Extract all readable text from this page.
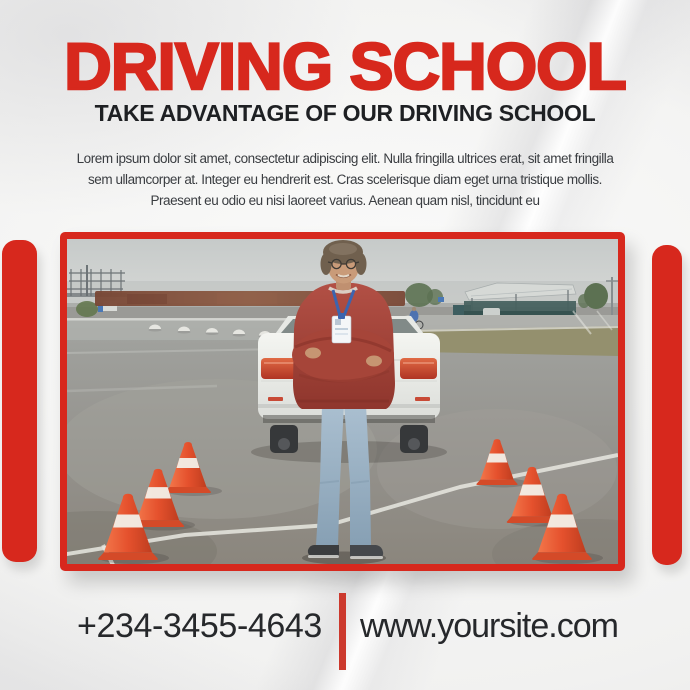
DRIVING SCHOOL
TAKE ADVANTAGE OF OUR DRIVING SCHOOL
Lorem ipsum dolor sit amet, consectetur adipiscing elit. Nulla fringilla ultrices erat, sit amet fringilla
sem ullamcorper at. Integer eu hendrerit est. Cras scelerisque diam eget urna tristique mollis.
Praesent eu odio eu nisi laoreet varius. Aenean quam nisl, tincidunt eu
+234-3455-4643 www.yoursite.com
